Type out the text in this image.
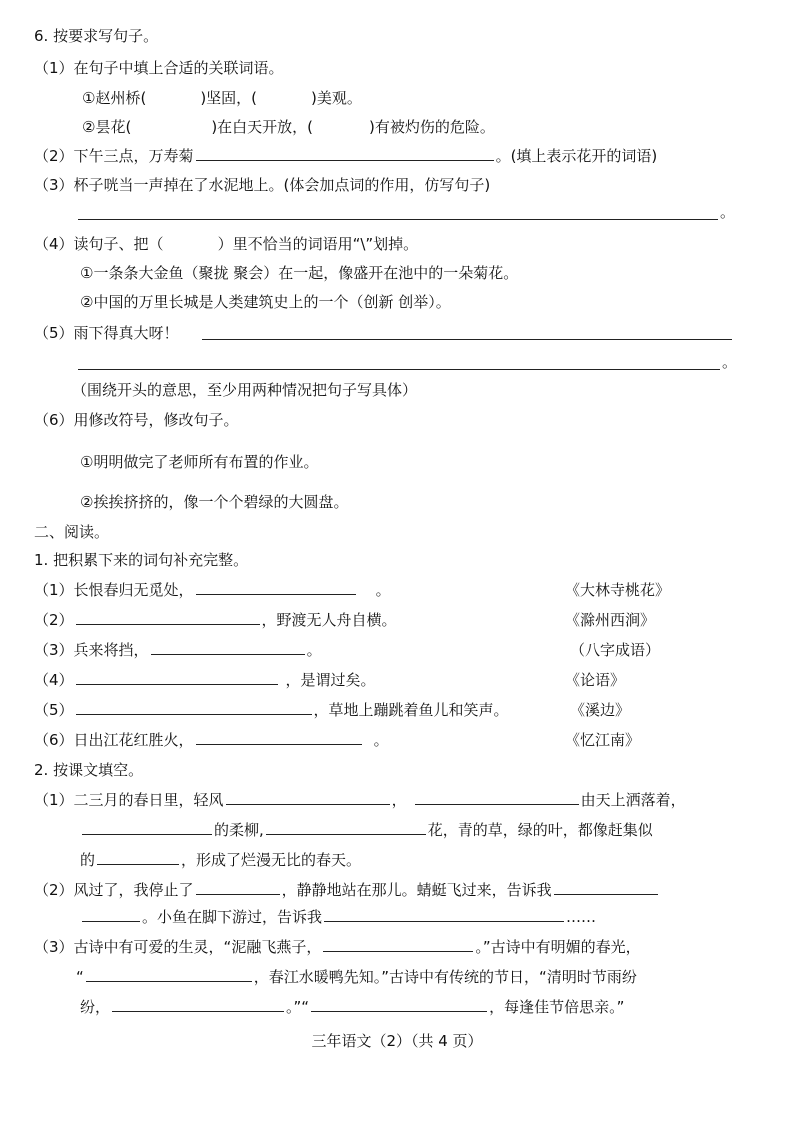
6. 按要求写句子。
（1）在句子中填上合适的关联词语。
①赵州桥(	)坚固，(	)美观。
②昙花(	)在白天开放，(	)有被灼伤的危险。
（2）下午三点，万寿菊	。(填上表示花开的词语)
（3）杯子咣当一声掉在了水泥地上。(体会加点词的作用，仿写句子)
。
（4）读句子、把（	）里不恰当的词语用“\”划掉。
①一条条大金鱼（聚拢 聚会）在一起，像盛开在池中的一朵菊花。
②中国的万里长城是人类建筑史上的一个（创新 创举）。
（5）雨下得真大呀！
。
（围绕开头的意思，至少用两种情况把句子写具体）
（6）用修改符号，修改句子。
①明明做完了老师所有布置的作业。
②挨挨挤挤的，像一个个碧绿的大圆盘。
二、阅读。
1. 把积累下来的词句补充完整。
（1）长恨春归无觅处，	。	《大林寺桃花》
（2）	，野渡无人舟自横。	《滁州西涧》
（3）兵来将挡，	。	（八字成语）
（4）	，是谓过矣。	《论语》
（5）	，草地上蹦跳着鱼儿和笑声。	《溪边》
（6）日出江花红胜火，	。	《忆江南》
2. 按课文填空。
（1）二三月的春日里，轻风	，	由天上洒落着，
的柔柳,	花，青的草，绿的叶，都像赶集似
的	，形成了烂漫无比的春天。
（2）风过了，我停止了	，静静地站在那儿。蜻蜓飞过来，告诉我
。小鱼在脚下游过，告诉我	……
（3）古诗中有可爱的生灵，“泥融飞燕子，	。”古诗中有明媚的春光，
“	，春江水暖鸭先知。”古诗中有传统的节日，“清明时节雨纷
纷，	。”“	，每逢佳节倍思亲。”
三年语文（2）（共 4 页）
